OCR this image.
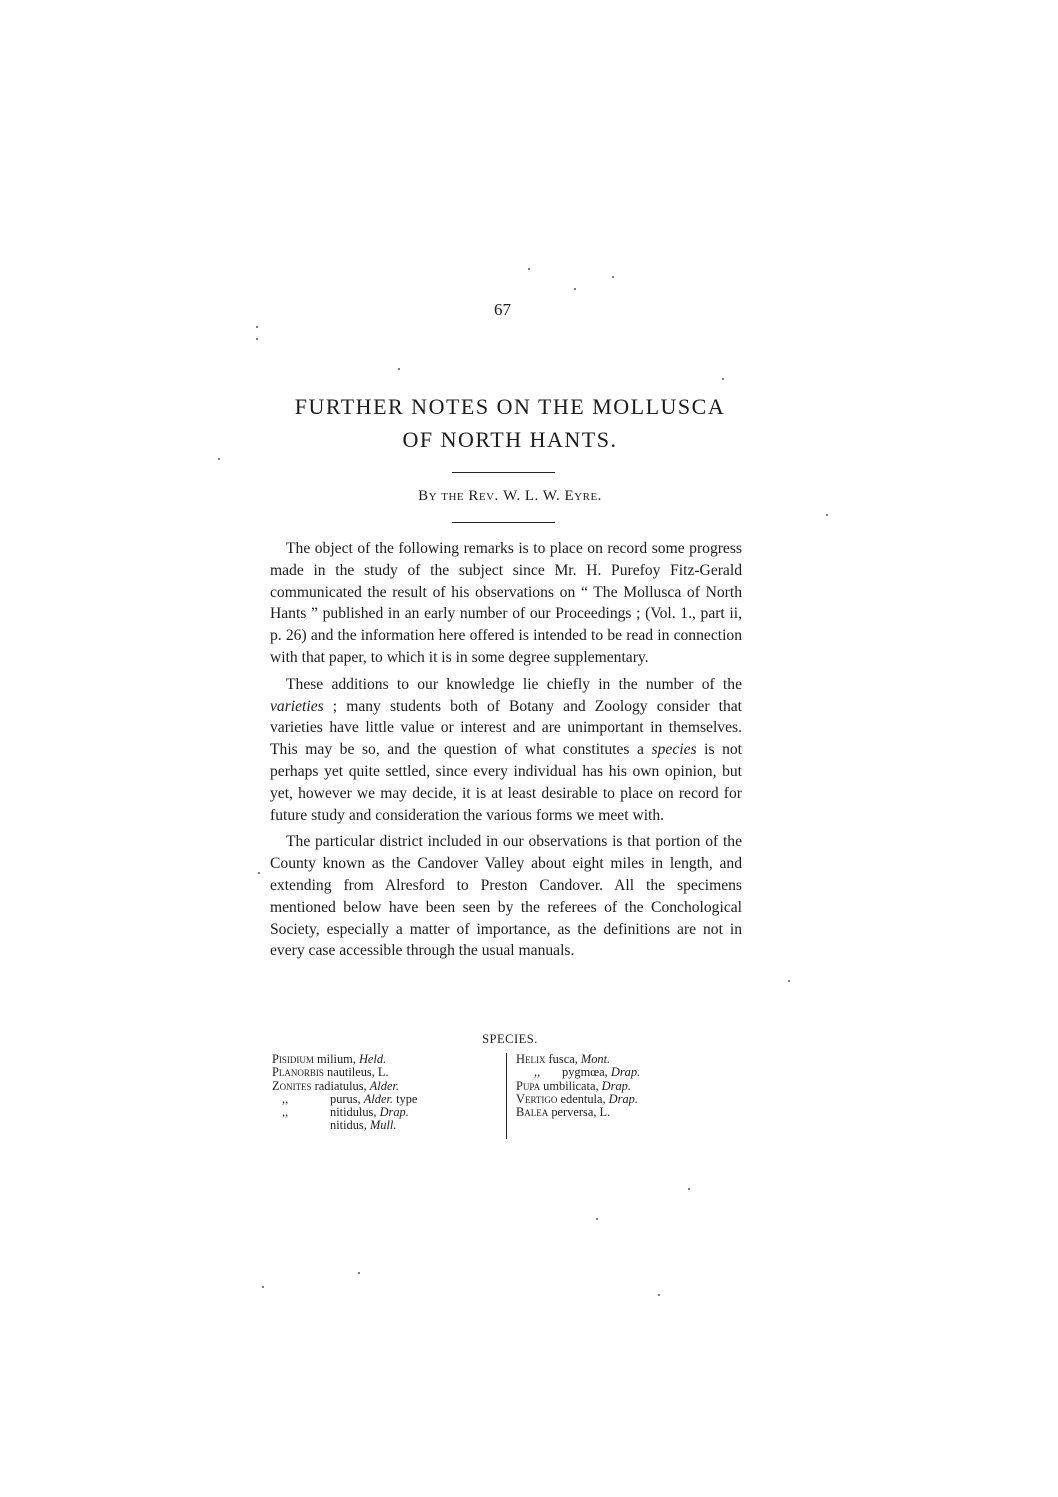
67
FURTHER NOTES ON THE MOLLUSCA
OF NORTH HANTS.
By the Rev. W. L. W. Eyre.

The object of the following remarks is to place on record some progress made in the study of the subject since Mr. H. Purefoy Fitz-Gerald communicated the result of his observations on “ The Mollusca of North Hants ” published in an early number of our Proceedings ; (Vol. 1., part ii, p. 26) and the information here offered is intended to be read in connection with that paper, to which it is in some degree supplementary.

These additions to our knowledge lie chiefly in the number of the varieties ; many students both of Botany and Zoology consider that varieties have little value or interest and are unimportant in themselves. This may be so, and the question of what constitutes a species is not perhaps yet quite settled, since every individual has his own opinion, but yet, however we may decide, it is at least desirable to place on record for future study and consideration the various forms we meet with.

The particular district included in our observations is that portion of the County known as the Candover Valley about eight miles in length, and extending from Alresford to Preston Candover. All the specimens mentioned below have been seen by the referees of the Conchological Society, especially a matter of importance, as the definitions are not in every case accessible through the usual manuals.

SPECIES.
Pisidium milium, Held.
Planorbis nautileus, L.
Zonites radiatulus, Alder.
,,	purus, Alder. type
,,	nitidulus, Drap.
nitidus, Mull.
Helix fusca, Mont.
,, pygmœa, Drap.
Pupa umbilicata, Drap.
Vertigo edentula, Drap.
Balea perversa, L.
